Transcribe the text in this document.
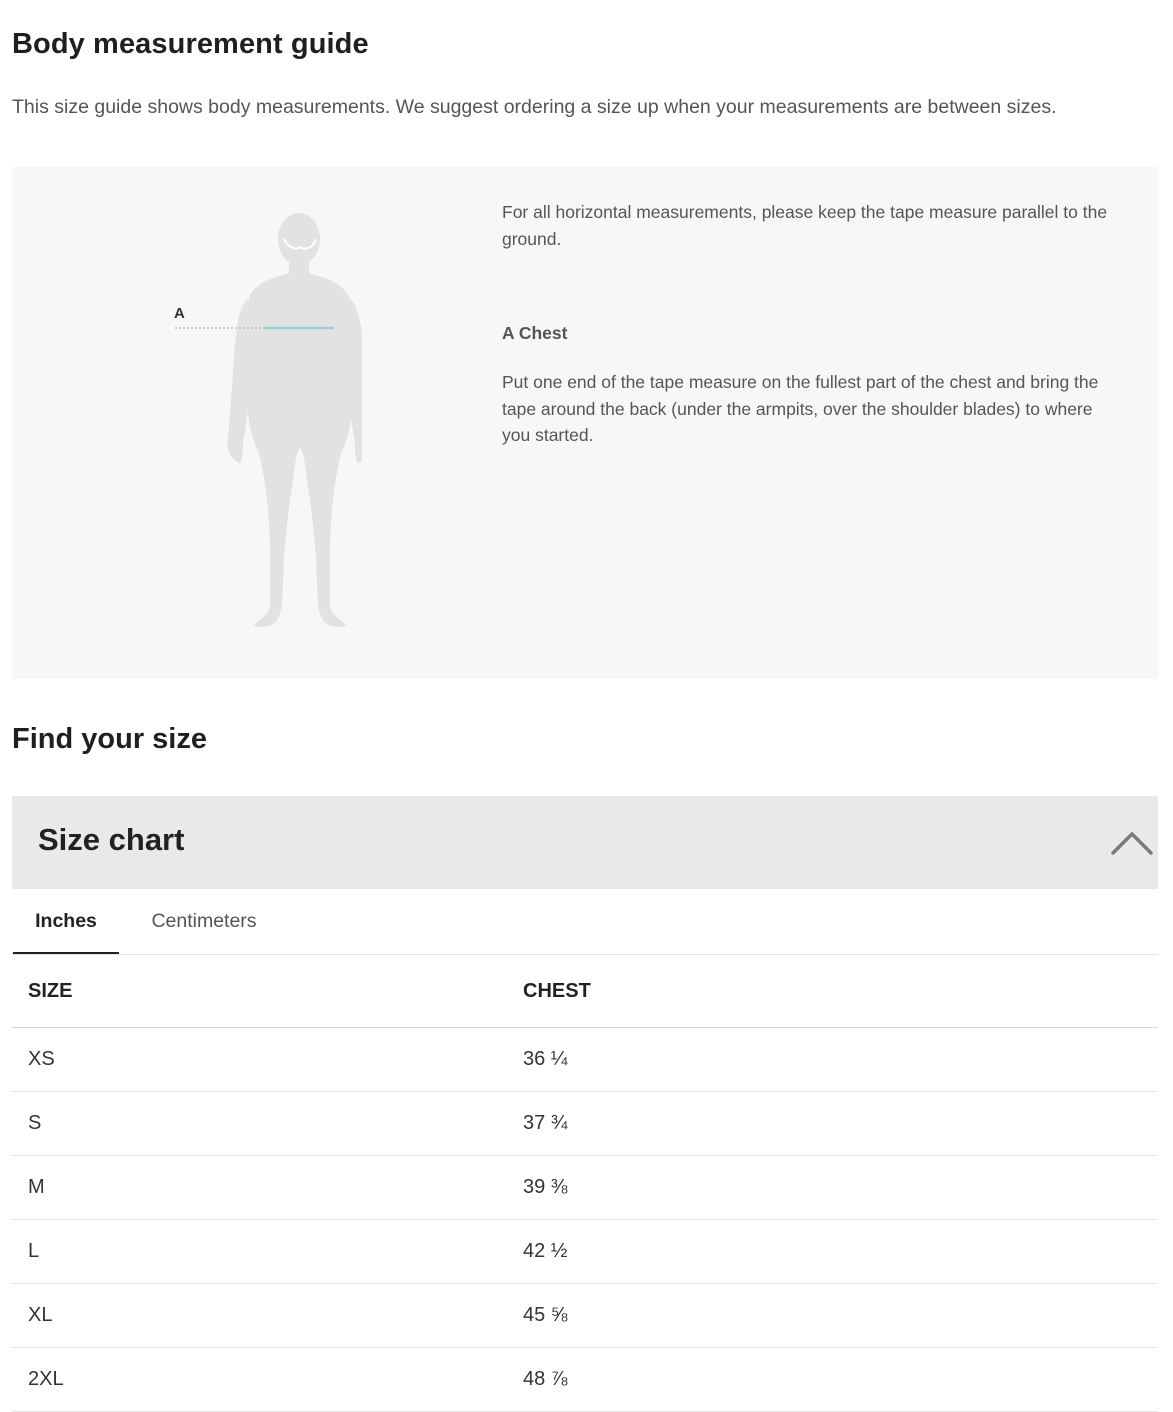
Body measurement guide

This size guide shows body measurements. We suggest ordering a size up when your measurements are between sizes.

A

For all horizontal measurements, please keep the tape measure parallel to the ground.

A Chest

Put one end of the tape measure on the fullest part of the chest and bring the tape around the back (under the armpits, over the shoulder blades) to where you started.

Find your size
Size chart
Inches	Centimeters
SIZE	CHEST
XS	36 ¼
S	37 ¾
M	39 ⅜
L	42 ½
XL	45 ⅝
2XL	48 ⅞
